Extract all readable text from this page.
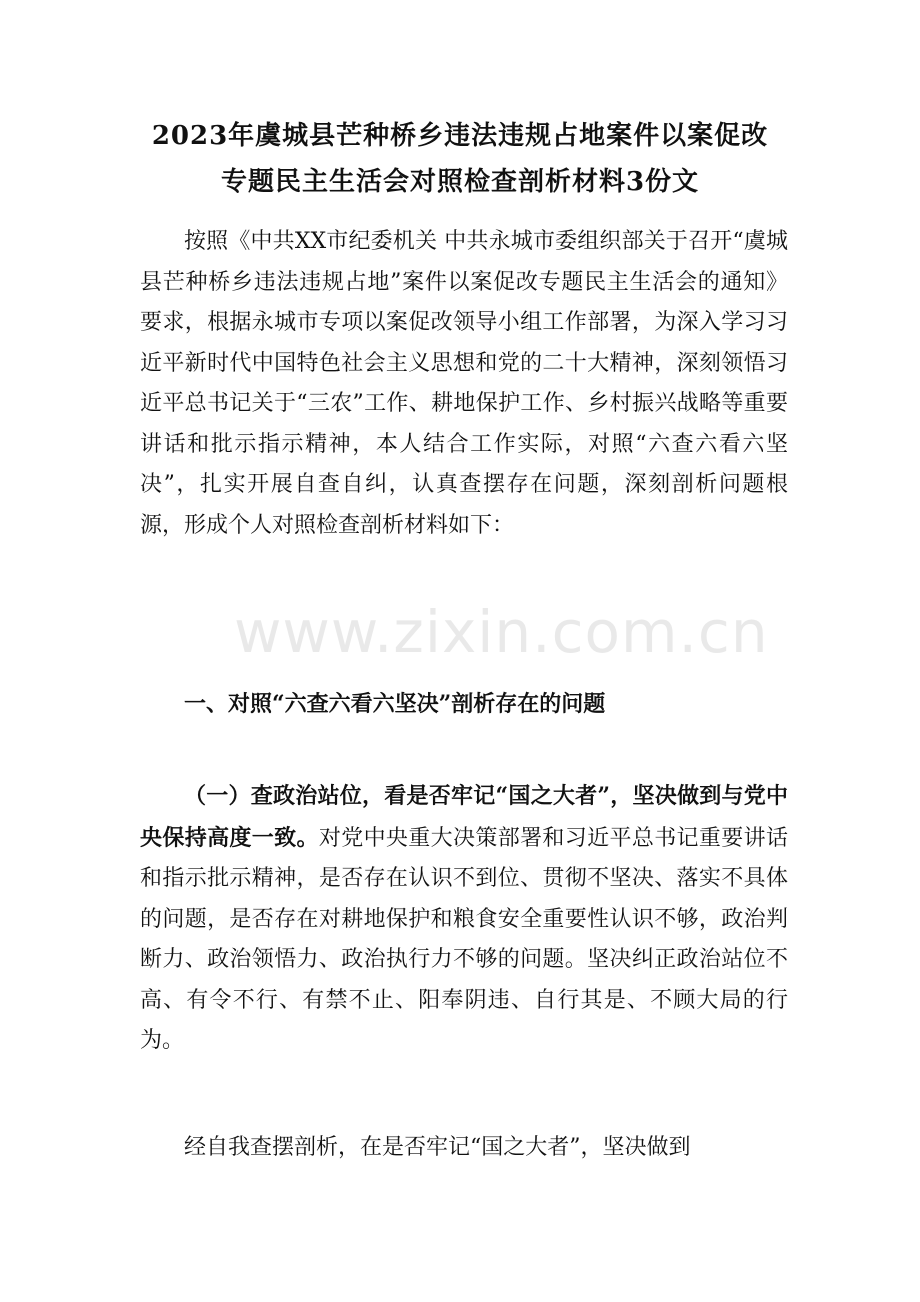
2023年虞城县芒种桥乡违法违规占地案件以案促改
专题民主生活会对照检查剖析材料3份文

按照《中共XX市纪委机关 中共永城市委组织部关于召开“虞城县芒种桥乡违法违规占地”案件以案促改专题民主生活会的通知》要求，根据永城市专项以案促改领导小组工作部署，为深入学习习近平新时代中国特色社会主义思想和党的二十大精神，深刻领悟习近平总书记关于“三农”工作、耕地保护工作、乡村振兴战略等重要讲话和批示指示精神，本人结合工作实际，对照“六查六看六坚决”，扎实开展自查自纠，认真查摆存在问题，深刻剖析问题根源，形成个人对照检查剖析材料如下：

一、对照“六查六看六坚决”剖析存在的问题

（一）查政治站位，看是否牢记“国之大者”，坚决做到与党中央保持高度一致。对党中央重大决策部署和习近平总书记重要讲话和指示批示精神，是否存在认识不到位、贯彻不坚决、落实不具体的问题，是否存在对耕地保护和粮食安全重要性认识不够，政治判断力、政治领悟力、政治执行力不够的问题。坚决纠正政治站位不高、有令不行、有禁不止、阳奉阴违、自行其是、不顾大局的行为。

经自我查摆剖析，在是否牢记“国之大者”，坚决做到

www.zixin.com.cn
